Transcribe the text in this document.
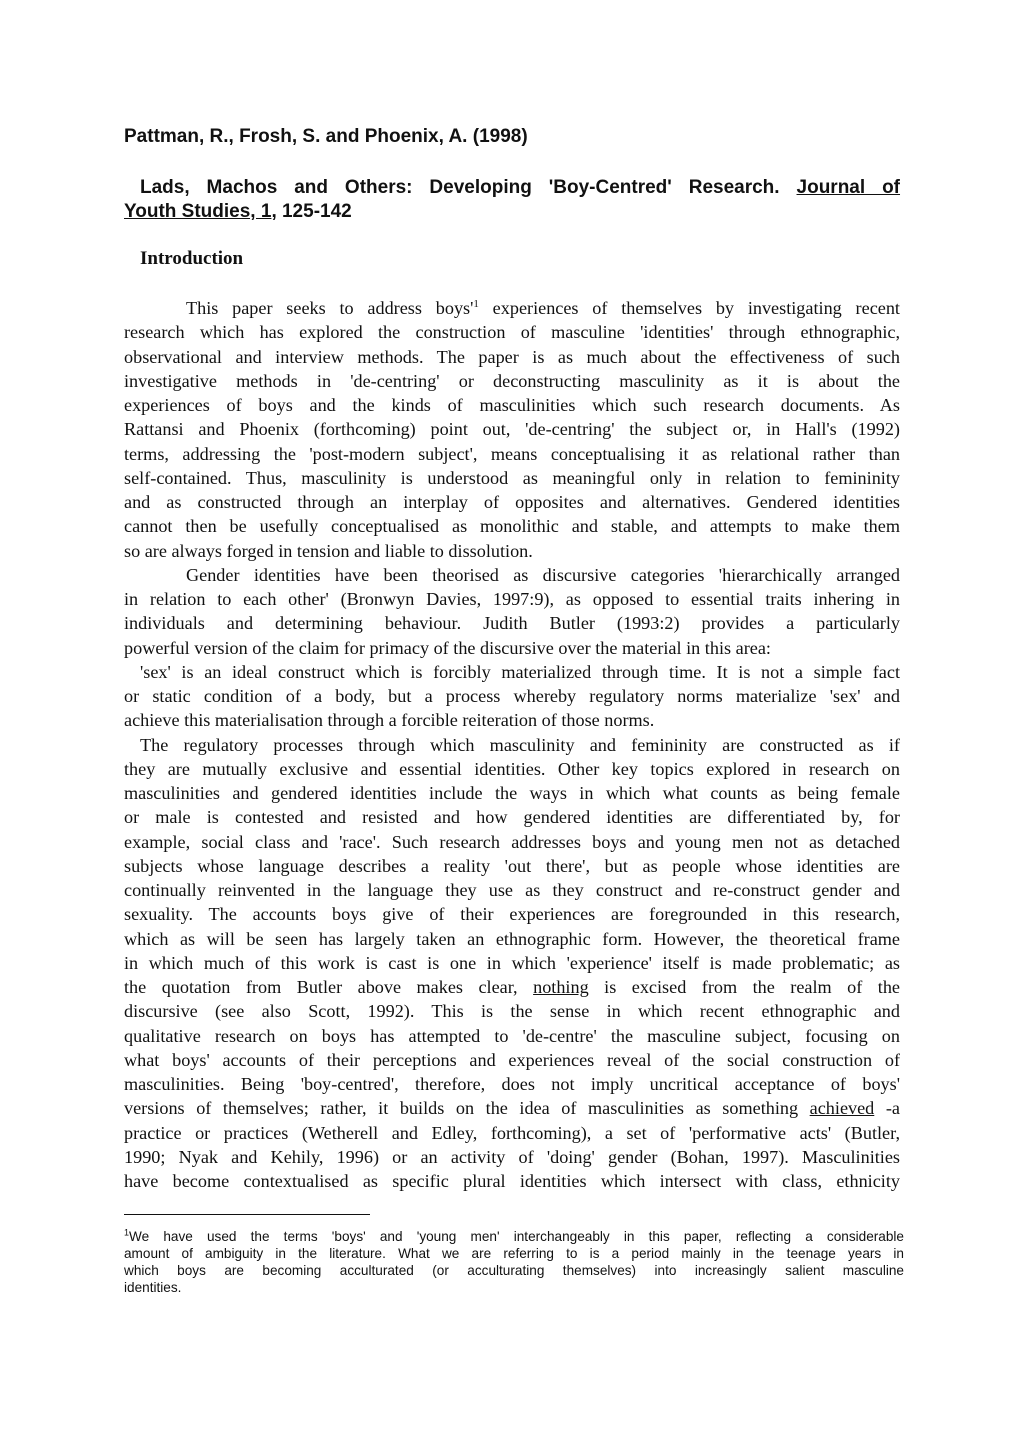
Pattman, R., Frosh, S. and Phoenix, A. (1998)
Lads, Machos and Others: Developing 'Boy-Centred' Research. Journal of
Youth Studies, 1, 125-142
Introduction
This paper seeks to address boys'$^1$ experiences of themselves by investigating recent
research which has explored the construction of masculine 'identities' through ethnographic,
observational and interview methods. The paper is as much about the effectiveness of such
investigative methods in 'de-centring' or deconstructing masculinity as it is about the
experiences of boys and the kinds of masculinities which such research documents. As
Rattansi and Phoenix (forthcoming) point out, 'de-centring' the subject or, in Hall's (1992)
terms, addressing the 'post-modern subject', means conceptualising it as relational rather than
self-contained. Thus, masculinity is understood as meaningful only in relation to femininity
and as constructed through an interplay of opposites and alternatives. Gendered identities
cannot then be usefully conceptualised as monolithic and stable, and attempts to make them
so are always forged in tension and liable to dissolution.
Gender identities have been theorised as discursive categories 'hierarchically arranged
in relation to each other' (Bronwyn Davies, 1997:9), as opposed to essential traits inhering in
individuals and determining behaviour. Judith Butler (1993:2) provides a particularly
powerful version of the claim for primacy of the discursive over the material in this area:
'sex' is an ideal construct which is forcibly materialized through time. It is not a simple fact
or static condition of a body, but a process whereby regulatory norms materialize 'sex' and
achieve this materialisation through a forcible reiteration of those norms.
The regulatory processes through which masculinity and femininity are constructed as if
they are mutually exclusive and essential identities. Other key topics explored in research on
masculinities and gendered identities include the ways in which what counts as being female
or male is contested and resisted and how gendered identities are differentiated by, for
example, social class and 'race'. Such research addresses boys and young men not as detached
subjects whose language describes a reality 'out there', but as people whose identities are
continually reinvented in the language they use as they construct and re-construct gender and
sexuality. The accounts boys give of their experiences are foregrounded in this research,
which as will be seen has largely taken an ethnographic form. However, the theoretical frame
in which much of this work is cast is one in which 'experience' itself is made problematic; as
the quotation from Butler above makes clear, nothing is excised from the realm of the
discursive (see also Scott, 1992). This is the sense in which recent ethnographic and
qualitative research on boys has attempted to 'de-centre' the masculine subject, focusing on
what boys' accounts of their perceptions and experiences reveal of the social construction of
masculinities. Being 'boy-centred', therefore, does not imply uncritical acceptance of boys'
versions of themselves; rather, it builds on the idea of masculinities as something achieved -a
practice or practices (Wetherell and Edley, forthcoming), a set of 'performative acts' (Butler,
1990; Nyak and Kehily, 1996) or an activity of 'doing' gender (Bohan, 1997). Masculinities
have become contextualised as specific plural identities which intersect with class, ethnicity
$^1$We have used the terms 'boys' and 'young men' interchangeably in this paper, reflecting a considerable
amount of ambiguity in the literature. What we are referring to is a period mainly in the teenage years in
which boys are becoming acculturated (or acculturating themselves) into increasingly salient masculine
identities.
